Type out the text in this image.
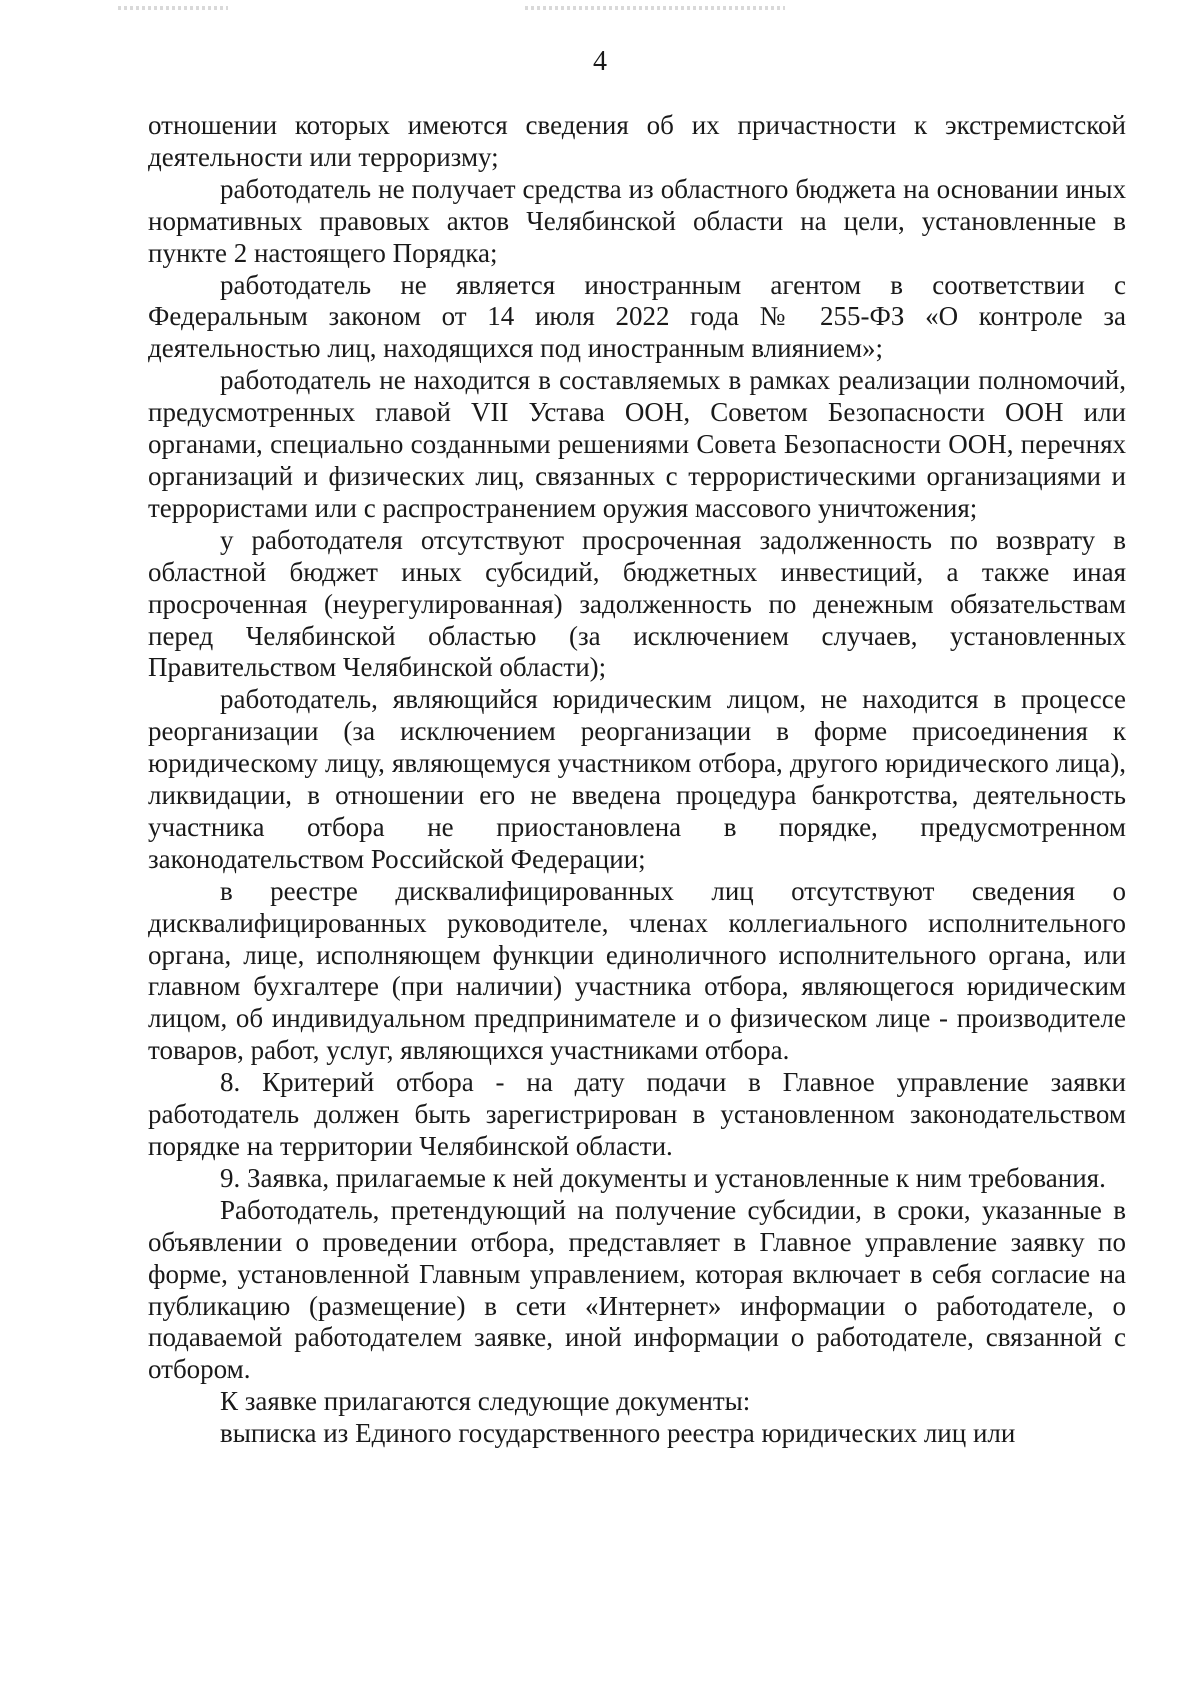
4

отношении которых имеются сведения об их причастности к экстремистской деятельности или терроризму;

работодатель не получает средства из областного бюджета на основании иных нормативных правовых актов Челябинской области на цели, установленные в пункте 2 настоящего Порядка;

работодатель не является иностранным агентом в соответствии с Федеральным законом от 14 июля 2022 года № 255-ФЗ «О контроле за деятельностью лиц, находящихся под иностранным влиянием»;

работодатель не находится в составляемых в рамках реализации полномочий, предусмотренных главой VII Устава ООН, Советом Безопасности ООН или органами, специально созданными решениями Совета Безопасности ООН, перечнях организаций и физических лиц, связанных с террористическими организациями и террористами или с распространением оружия массового уничтожения;

у работодателя отсутствуют просроченная задолженность по возврату в областной бюджет иных субсидий, бюджетных инвестиций, а также иная просроченная (неурегулированная) задолженность по денежным обязательствам перед Челябинской областью (за исключением случаев, установленных Правительством Челябинской области);

работодатель, являющийся юридическим лицом, не находится в процессе реорганизации (за исключением реорганизации в форме присоединения к юридическому лицу, являющемуся участником отбора, другого юридического лица), ликвидации, в отношении его не введена процедура банкротства, деятельность участника отбора не приостановлена в порядке, предусмотренном законодательством Российской Федерации;

в реестре дисквалифицированных лиц отсутствуют сведения о дисквалифицированных руководителе, членах коллегиального исполнительного органа, лице, исполняющем функции единоличного исполнительного органа, или главном бухгалтере (при наличии) участника отбора, являющегося юридическим лицом, об индивидуальном предпринимателе и о физическом лице - производителе товаров, работ, услуг, являющихся участниками отбора.

8. Критерий отбора - на дату подачи в Главное управление заявки работодатель должен быть зарегистрирован в установленном законодательством порядке на территории Челябинской области.

9. Заявка, прилагаемые к ней документы и установленные к ним требования.

Работодатель, претендующий на получение субсидии, в сроки, указанные в объявлении о проведении отбора, представляет в Главное управление заявку по форме, установленной Главным управлением, которая включает в себя согласие на публикацию (размещение) в сети «Интернет» информации о работодателе, о подаваемой работодателем заявке, иной информации о работодателе, связанной с отбором.

К заявке прилагаются следующие документы:

выписка из Единого государственного реестра юридических лиц или
